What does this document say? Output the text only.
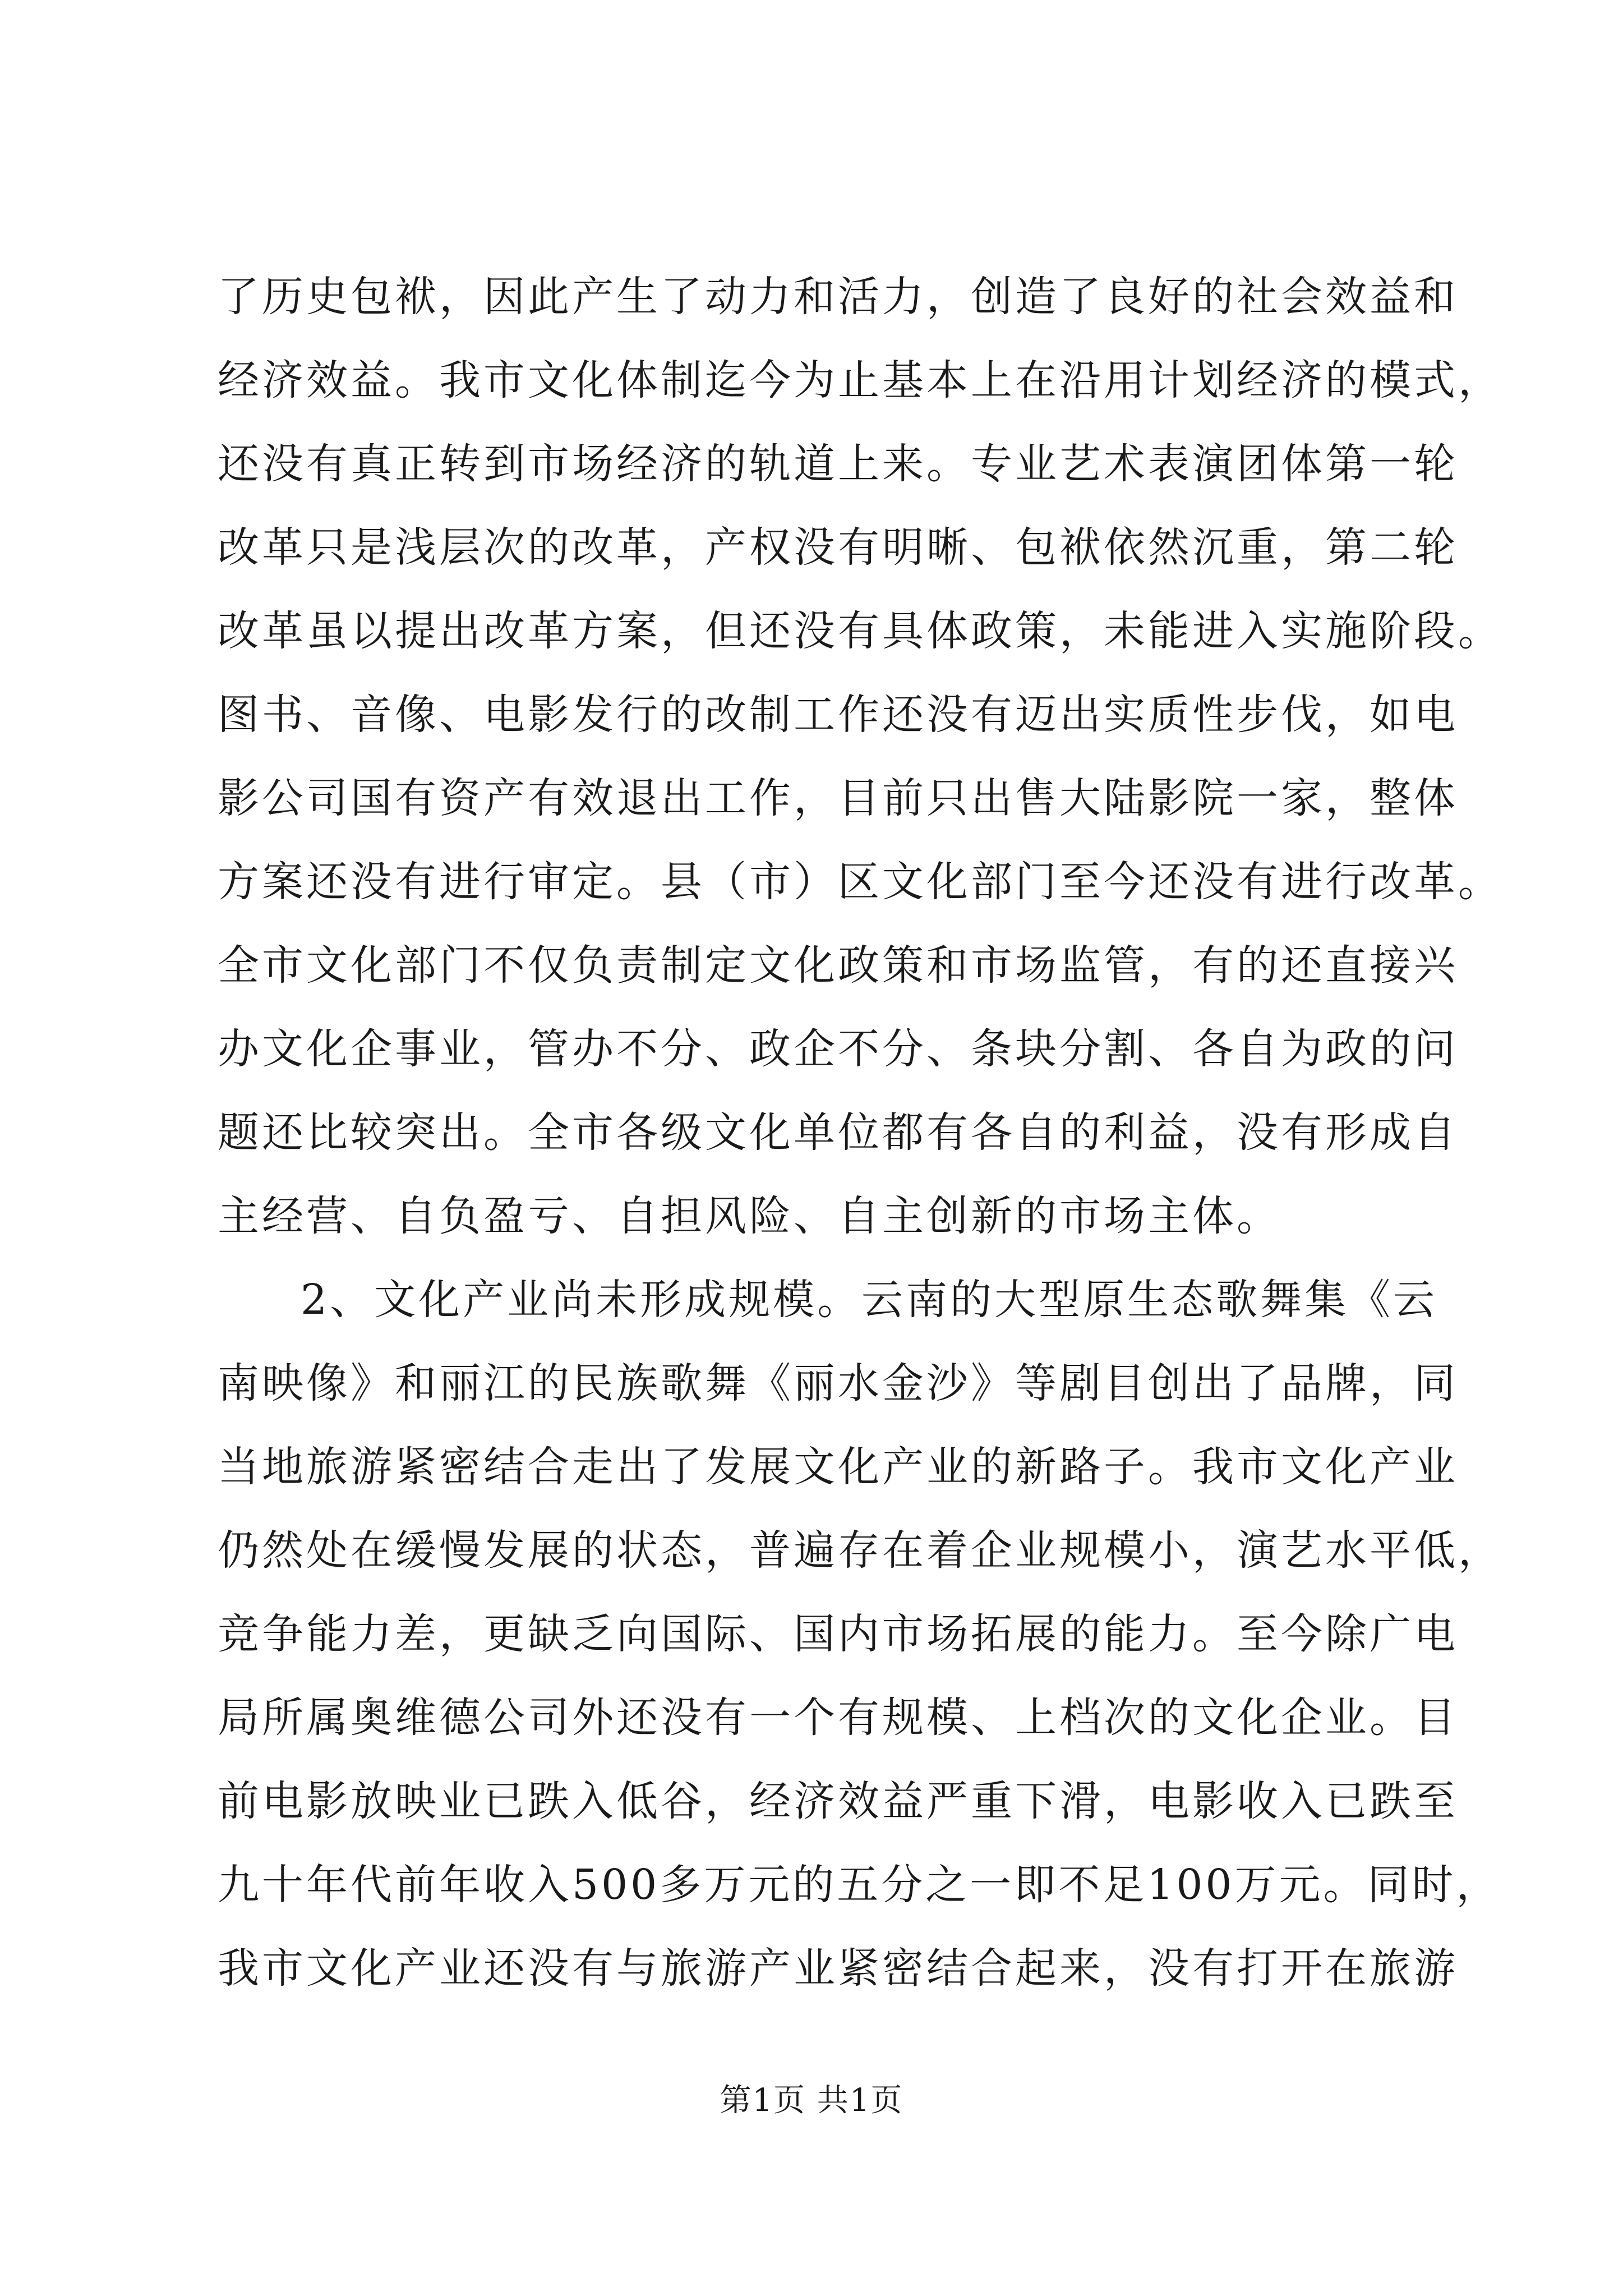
了历史包袱，因此产生了动力和活力，创造了良好的社会效益和
经济效益。我市文化体制迄今为止基本上在沿用计划经济的模式，
还没有真正转到市场经济的轨道上来。专业艺术表演团体第一轮
改革只是浅层次的改革，产权没有明晰、包袱依然沉重，第二轮
改革虽以提出改革方案，但还没有具体政策，未能进入实施阶段。
图书、音像、电影发行的改制工作还没有迈出实质性步伐，如电
影公司国有资产有效退出工作，目前只出售大陆影院一家，整体
方案还没有进行审定。县（市）区文化部门至今还没有进行改革。
全市文化部门不仅负责制定文化政策和市场监管，有的还直接兴
办文化企事业，管办不分、政企不分、条块分割、各自为政的问
题还比较突出。全市各级文化单位都有各自的利益，没有形成自
主经营、自负盈亏、自担风险、自主创新的市场主体。
2、文化产业尚未形成规模。云南的大型原生态歌舞集《云
南映像》和丽江的民族歌舞《丽水金沙》等剧目创出了品牌，同
当地旅游紧密结合走出了发展文化产业的新路子。我市文化产业
仍然处在缓慢发展的状态，普遍存在着企业规模小，演艺水平低，
竞争能力差，更缺乏向国际、国内市场拓展的能力。至今除广电
局所属奥维德公司外还没有一个有规模、上档次的文化企业。目
前电影放映业已跌入低谷，经济效益严重下滑，电影收入已跌至
九十年代前年收入500多万元的五分之一即不足100万元。同时，
我市文化产业还没有与旅游产业紧密结合起来，没有打开在旅游
第1页 共1页
